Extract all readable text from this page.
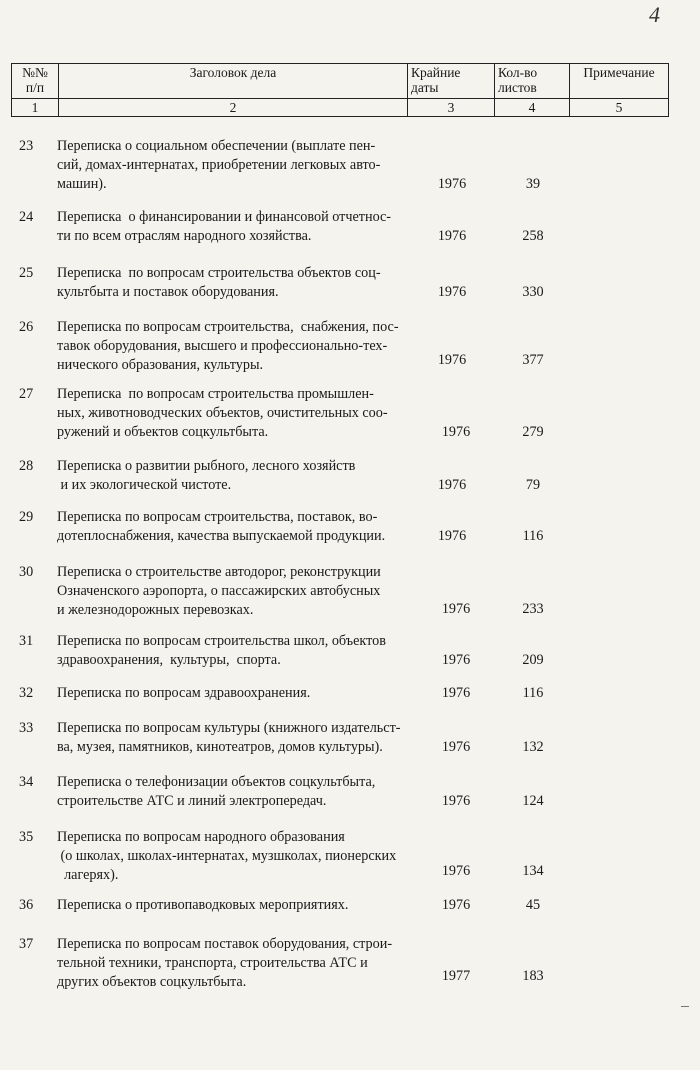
4
№№ п/п	Заголовок дела	Крайние даты	Кол-во листов	Примечание
1	2	3	4	5
23 Переписка о социальном обеспечении (выплате пен-
сий, домах-интернатах, приобретении легковых авто-
машин).	1976	39
24 Переписка  о финансировании и финансовой отчетнос-
ти по всем отраслям народного хозяйства.	1976	258
25 Переписка  по вопросам строительства объектов соц-
культбыта и поставок оборудования.	1976	330
26 Переписка по вопросам строительства,  снабжения, пос-
тавок оборудования, высшего и профессионально-тех-
нического образования, культуры.	1976	377
27 Переписка  по вопросам строительства промышлен-
ных, животноводческих объектов, очистительных соо-
ружений и объектов соцкультбыта.	1976	279
28 Переписка о развитии рыбного, лесного хозяйств
и их экологической чистоте.	1976	79
29 Переписка по вопросам строительства, поставок, во-
дотеплоснабжения, качества выпускаемой продукции.	1976	116
30 Переписка о строительстве автодорог, реконструкции
Означенского аэропорта, о пассажирских автобусных
и железнодорожных перевозках.	1976	233
31 Переписка по вопросам строительства школ, объектов
здравоохранения,  культуры,  спорта.	1976	209
32 Переписка по вопросам здравоохранения.	1976	116
33 Переписка по вопросам культуры (книжного издательст-
ва, музея, памятников, кинотеатров, домов культуры).	1976	132
34 Переписка о телефонизации объектов соцкультбыта,
строительстве АТС и линий электропередач.	1976	124
35 Переписка по вопросам народного образования
(о школах, школах-интернатах, музшколах, пионерских
лагерях).	1976	134
36 Переписка о противопаводковых мероприятиях.	1976	45
37 Переписка по вопросам поставок оборудования, строи-
тельной техники, транспорта, строительства АТС и
других объектов соцкультбыта.	1977	183
